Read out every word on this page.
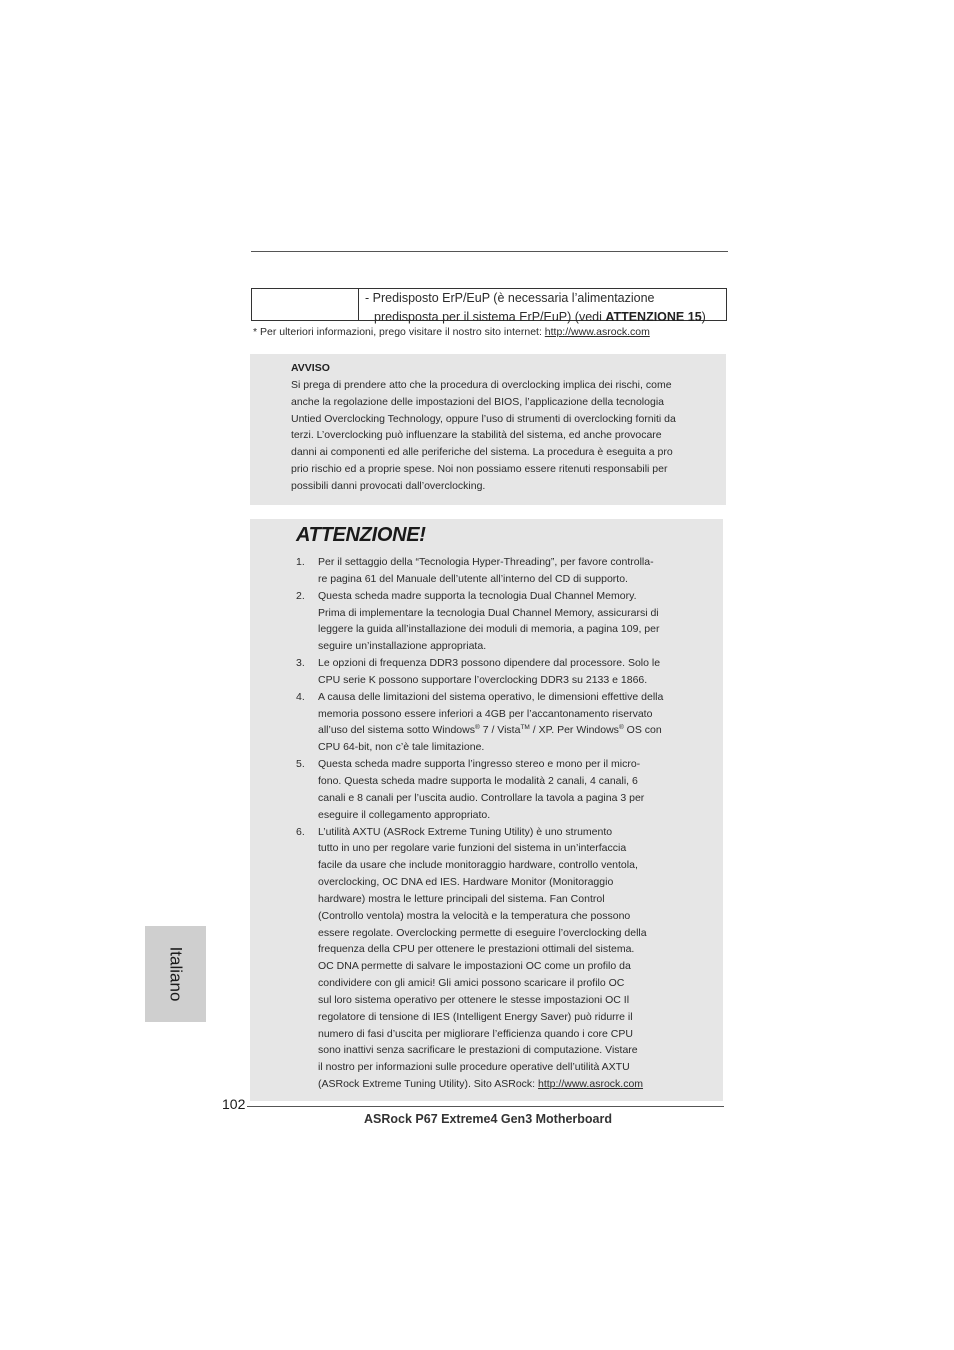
- Predisposto ErP/EuP (è necessaria l’alimentazione
predisposta per il sistema ErP/EuP) (vedi ATTENZIONE 15)
* Per ulteriori informazioni, prego visitare il nostro sito internet: http://www.asrock.com
AVVISO
Si prega di prendere atto che la procedura di overclocking implica dei rischi, come
anche la regolazione delle impostazioni del BIOS, l’applicazione della tecnologia
Untied Overclocking Technology, oppure l’uso di strumenti di overclocking forniti da
terzi. L’overclocking può influenzare la stabilità del sistema, ed anche provocare
danni ai componenti ed alle periferiche del sistema. La procedura è eseguita a pro
prio rischio ed a proprie spese. Noi non possiamo essere ritenuti responsabili per
possibili danni provocati dall’overclocking.
ATTENZIONE!
1. Per il settaggio della “Tecnologia Hyper-Threading”, per favore controlla-
re pagina 61 del Manuale dell’utente all’interno del CD di supporto.
2. Questa scheda madre supporta la tecnologia Dual Channel Memory.
Prima di implementare la tecnologia Dual Channel Memory, assicurarsi di
leggere la guida all’installazione dei moduli di memoria, a pagina 109, per
seguire un’installazione appropriata.
3. Le opzioni di frequenza DDR3 possono dipendere dal processore. Solo le
CPU serie K possono supportare l’overclocking DDR3 su 2133 e 1866.
4. A causa delle limitazioni del sistema operativo, le dimensioni effettive della
memoria possono essere inferiori a 4GB per l’accantonamento riservato
all’uso del sistema sotto Windows® 7 / Vista™ / XP. Per Windows® OS con
CPU 64-bit, non c’è tale limitazione.
5. Questa scheda madre supporta l’ingresso stereo e mono per il micro-
fono. Questa scheda madre supporta le modalità 2 canali, 4 canali, 6
canali e 8 canali per l’uscita audio. Controllare la tavola a pagina 3 per
eseguire il collegamento appropriato.
6. L’utilità AXTU (ASRock Extreme Tuning Utility) è uno strumento
tutto in uno per regolare varie funzioni del sistema in un’interfaccia
facile da usare che include monitoraggio hardware, controllo ventola,
overclocking, OC DNA ed IES. Hardware Monitor (Monitoraggio
hardware) mostra le letture principali del sistema. Fan Control
(Controllo ventola) mostra la velocità e la temperatura che possono
essere regolate. Overclocking permette di eseguire l’overclocking della
frequenza della CPU per ottenere le prestazioni ottimali del sistema.
OC DNA permette di salvare le impostazioni OC come un profilo da
condividere con gli amici! Gli amici possono scaricare il profilo OC
sul loro sistema operativo per ottenere le stesse impostazioni OC Il
regolatore di tensione di IES (Intelligent Energy Saver) può ridurre il
numero di fasi d’uscita per migliorare l’efficienza quando i core CPU
sono inattivi senza sacrificare le prestazioni di computazione. Vistare
il nostro per informazioni sulle procedure operative dell’utilità AXTU
(ASRock Extreme Tuning Utility). Sito ASRock: http://www.asrock.com
Italiano
102
ASRock P67 Extreme4 Gen3 Motherboard
